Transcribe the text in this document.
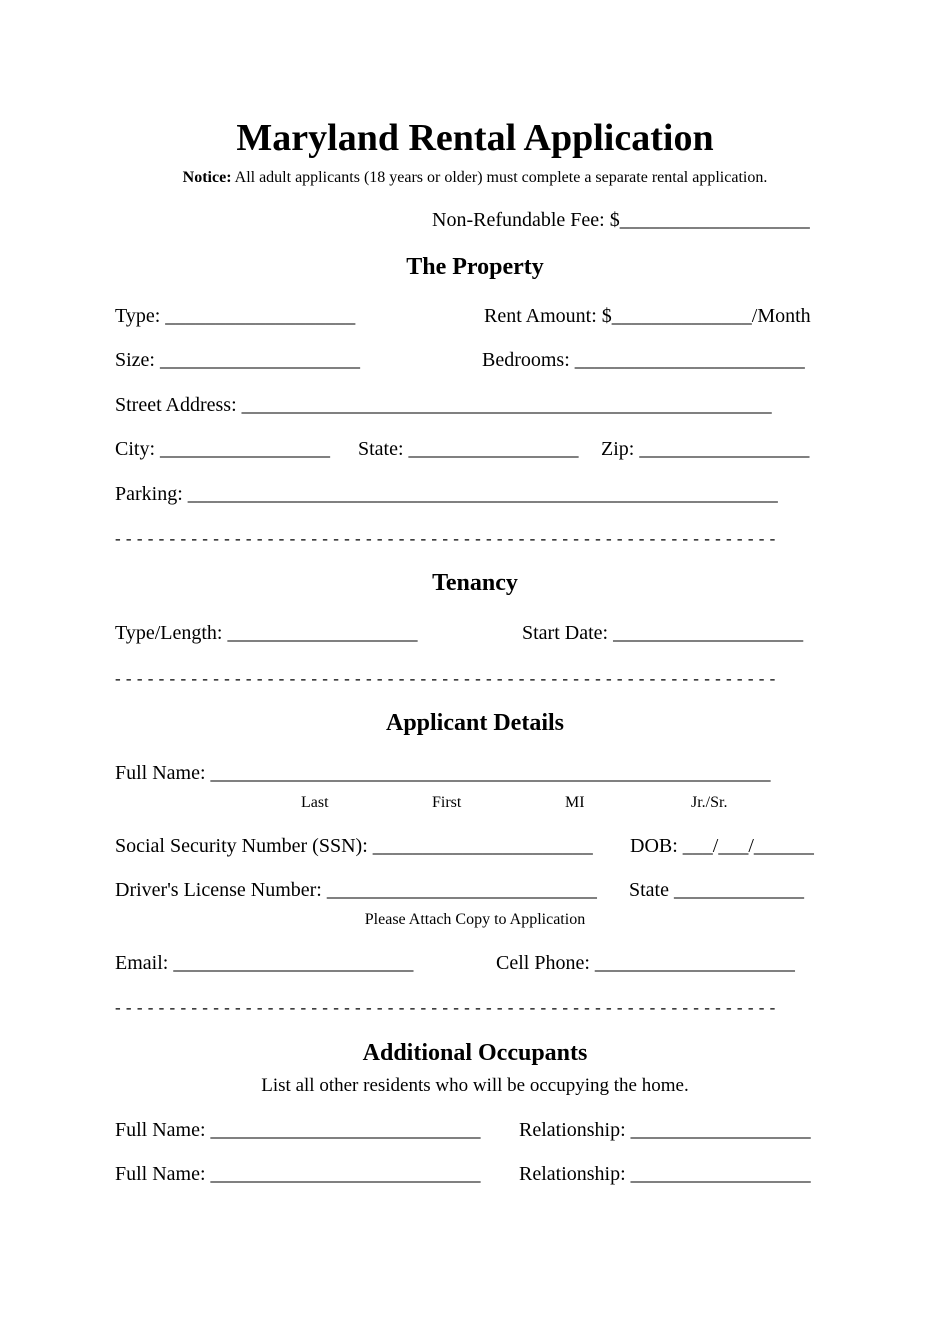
Maryland Rental Application
Notice: All adult applicants (18 years or older) must complete a separate rental application.
Non-Refundable Fee: $___________________
The Property
Type: ___________________	Rent Amount: $______________/Month
Size: ____________________	Bedrooms: _______________________
Street Address: _____________________________________________________
City: _________________ State: _________________ Zip: _________________
Parking: ___________________________________________________________
- - - - - - - - - - - - - - - - - - - - - - - - - - - - - - - - - - - - - - - - - - - - - - - - - - - - - - - - - - - - -
Tenancy
Type/Length: ___________________	Start Date: ___________________
- - - - - - - - - - - - - - - - - - - - - - - - - - - - - - - - - - - - - - - - - - - - - - - - - - - - - - - - - - - - -
Applicant Details
Full Name: ________________________________________________________
Last	First	MI	Jr./Sr.
Social Security Number (SSN): ______________________ DOB: ___/___/______
Driver's License Number: ___________________________ State _____________
Please Attach Copy to Application
Email: ________________________	Cell Phone: ____________________
- - - - - - - - - - - - - - - - - - - - - - - - - - - - - - - - - - - - - - - - - - - - - - - - - - - - - - - - - - - - -
Additional Occupants
List all other residents who will be occupying the home.
Full Name: ___________________________ Relationship: __________________
Full Name: ___________________________ Relationship: __________________
